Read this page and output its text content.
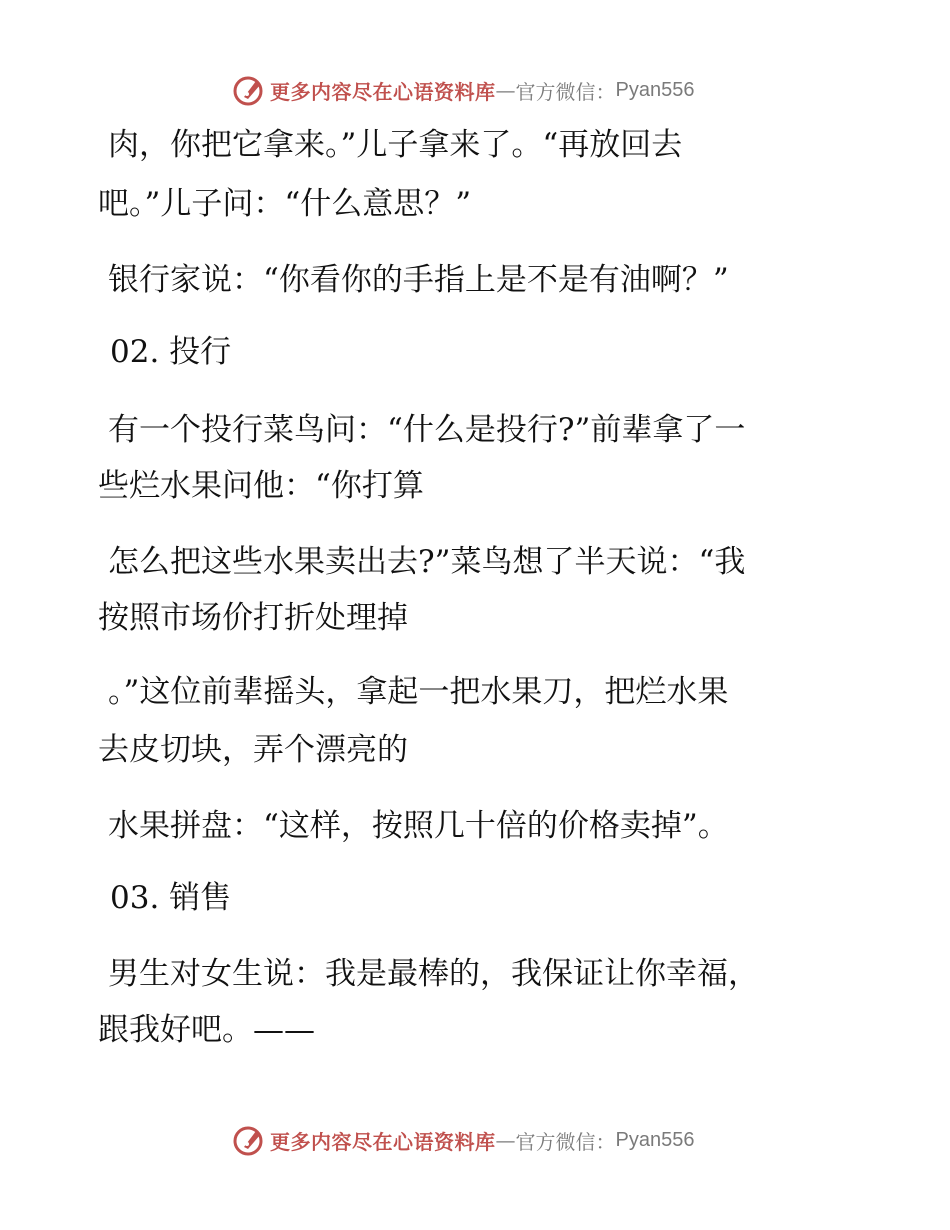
更多内容尽在心语资料库 — 官方微信： Pyan556
肉，你把它拿来。”儿子拿来了。“再放回去
吧。”儿子问：“什么意思？”
银行家说：“你看你的手指上是不是有油啊？”
02. 投行
有一个投行菜鸟问：“什么是投行?”前辈拿了一
些烂水果问他：“你打算
怎么把这些水果卖出去?”菜鸟想了半天说：“我
按照市场价打折处理掉
。”这位前辈摇头，拿起一把水果刀，把烂水果
去皮切块，弄个漂亮的
水果拼盘：“这样，按照几十倍的价格卖掉”。
03. 销售
男生对女生说：我是最棒的，我保证让你幸福，
跟我好吧。——
更多内容尽在心语资料库 — 官方微信： Pyan556
